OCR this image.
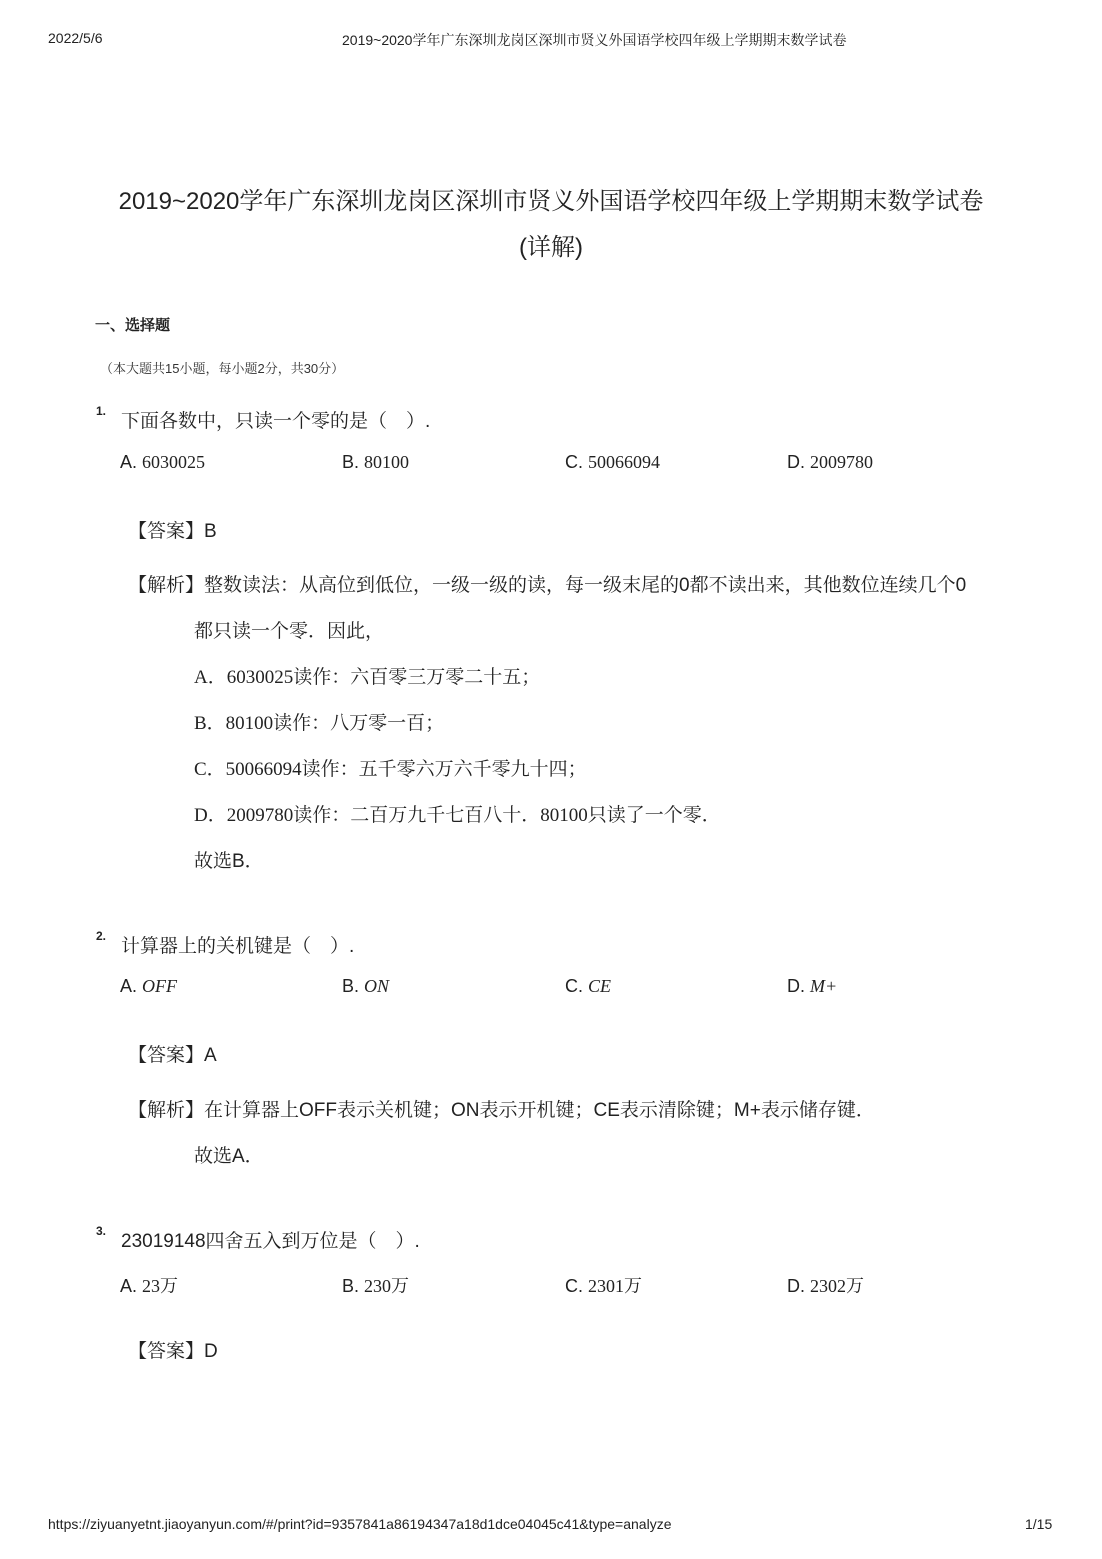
2022/5/6	2019~2020学年广东深圳龙岗区深圳市贤义外国语学校四年级上学期期末数学试卷
2019~2020学年广东深圳龙岗区深圳市贤义外国语学校四年级上学期期末数学试卷
(详解)
一、选择题
（本大题共15小题，每小题2分，共30分）
1. 下面各数中，只读一个零的是（　）.
A. 6030025	B. 80100	C. 50066094	D. 2009780
【答案】B
【解析】整数读法：从高位到低位，一级一级的读，每一级末尾的0都不读出来，其他数位连续几个0
都只读一个零．因此，
A．6030025读作：六百零三万零二十五；
B．80100读作：八万零一百；
C．50066094读作：五千零六万六千零九十四；
D．2009780读作：二百万九千七百八十．80100只读了一个零．
故选B．
2. 计算器上的关机键是（　）.
A. OFF	B. ON	C. CE	D. M+
【答案】A
【解析】在计算器上OFF表示关机键；ON表示开机键；CE表示清除键；M+表示储存键．
故选A．
3. 23019148四舍五入到万位是（　）.
A. 23万	B. 230万	C. 2301万	D. 2302万
【答案】D
https://ziyuanyetnt.jiaoyanyun.com/#/print?id=9357841a86194347a18d1dce04045c41&type=analyze	1/15
